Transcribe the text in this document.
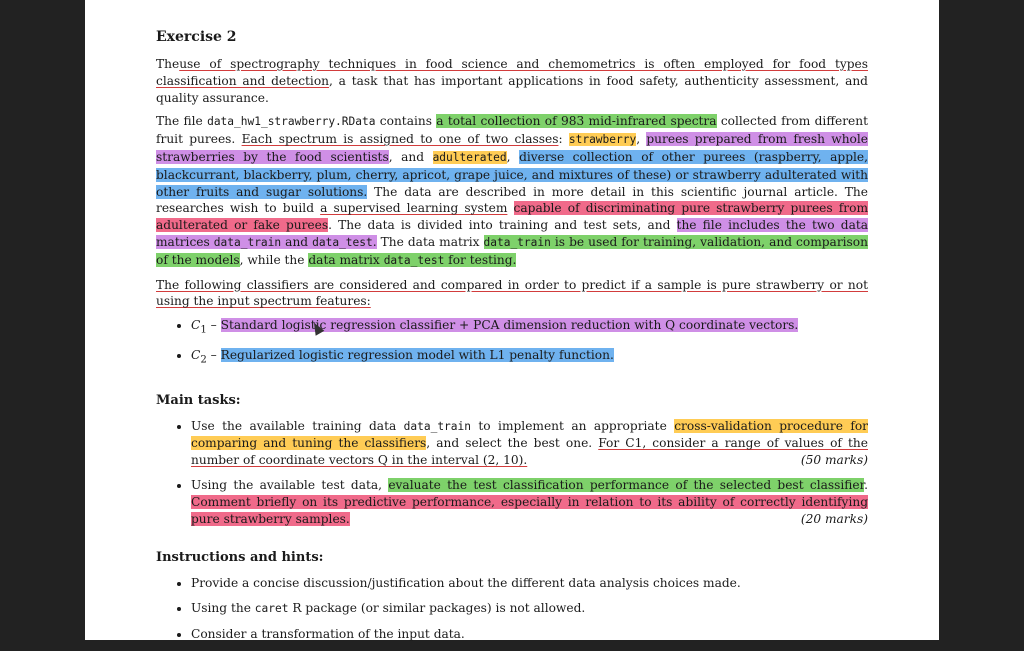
Exercise 2

Theuse of spectrography techniques in food science and chemometrics is often employed for food types classification and detection, a task that has important applications in food safety, authenticity assessment, and quality assurance.

The file data_hw1_strawberry.RData contains a total collection of 983 mid-infrared spectra collected from different fruit purees. Each spectrum is assigned to one of two classes: strawberry, purees prepared from fresh whole strawberries by the food scientists, and adulterated, diverse collection of other purees (raspberry, apple, blackcurrant, blackberry, plum, cherry, apricot, grape juice, and mixtures of these) or strawberry adulterated with other fruits and sugar solutions. The data are described in more detail in this scientific journal article. The researches wish to build a supervised learning system capable of discriminating pure strawberry purees from adulterated or fake purees. The data is divided into training and test sets, and the file includes the two data matrices data_train and data_test. The data matrix data_train is be used for training, validation, and comparison of the models, while the data matrix data_test for testing.

The following classifiers are considered and compared in order to predict if a sample is pure strawberry or not using the input spectrum features:

• $C_1$ – Standard logistic regression classifier + PCA dimension reduction with Q coordinate vectors.
• $C_2$ – Regularized logistic regression model with L1 penalty function.
Main tasks:
• Use the available training data data_train to implement an appropriate cross-validation procedure for comparing and tuning the classifiers, and select the best one. For C1, consider a range of values of the number of coordinate vectors Q in the interval (2, 10).	(50 marks)
• Using the available test data, evaluate the test classification performance of the selected best classifier. Comment briefly on its predictive performance, especially in relation to its ability of correctly identifying pure strawberry samples.	(20 marks)
Instructions and hints:
• Provide a concise discussion/justification about the different data analysis choices made.
• Using the caret R package (or similar packages) is not allowed.
• Consider a transformation of the input data.
